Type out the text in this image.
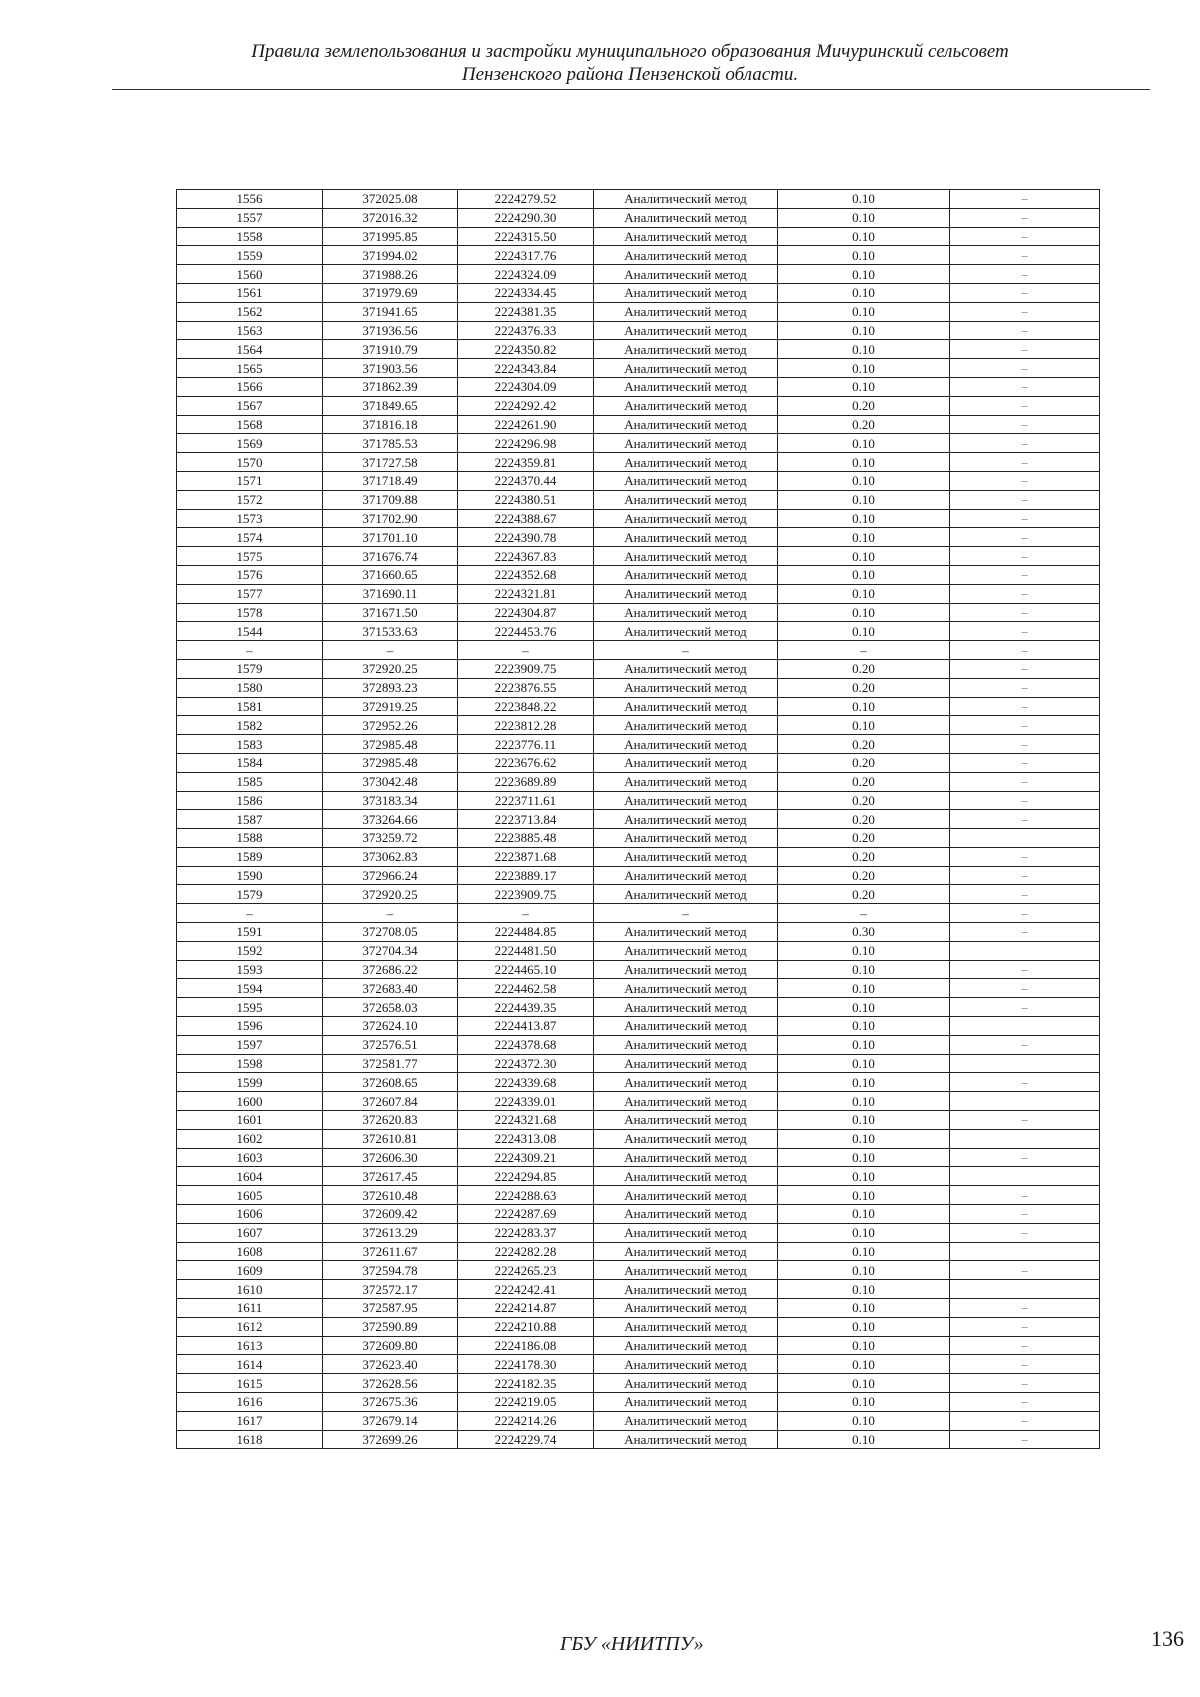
Правила землепользования и застройки муниципального образования Мичуринский сельсовет
Пензенского района Пензенской области.
1556	372025.08	2224279.52	Аналитический метод	0.10	–
1557	372016.32	2224290.30	Аналитический метод	0.10	–
1558	371995.85	2224315.50	Аналитический метод	0.10	–
1559	371994.02	2224317.76	Аналитический метод	0.10	–
1560	371988.26	2224324.09	Аналитический метод	0.10	–
1561	371979.69	2224334.45	Аналитический метод	0.10	–
1562	371941.65	2224381.35	Аналитический метод	0.10	–
1563	371936.56	2224376.33	Аналитический метод	0.10	–
1564	371910.79	2224350.82	Аналитический метод	0.10	–
1565	371903.56	2224343.84	Аналитический метод	0.10	–
1566	371862.39	2224304.09	Аналитический метод	0.10	–
1567	371849.65	2224292.42	Аналитический метод	0.20	–
1568	371816.18	2224261.90	Аналитический метод	0.20	–
1569	371785.53	2224296.98	Аналитический метод	0.10	–
1570	371727.58	2224359.81	Аналитический метод	0.10	–
1571	371718.49	2224370.44	Аналитический метод	0.10	–
1572	371709.88	2224380.51	Аналитический метод	0.10	–
1573	371702.90	2224388.67	Аналитический метод	0.10	–
1574	371701.10	2224390.78	Аналитический метод	0.10	–
1575	371676.74	2224367.83	Аналитический метод	0.10	–
1576	371660.65	2224352.68	Аналитический метод	0.10	–
1577	371690.11	2224321.81	Аналитический метод	0.10	–
1578	371671.50	2224304.87	Аналитический метод	0.10	–
1544	371533.63	2224453.76	Аналитический метод	0.10	–
–	–	–	–	–	–
1579	372920.25	2223909.75	Аналитический метод	0.20	–
1580	372893.23	2223876.55	Аналитический метод	0.20	–
1581	372919.25	2223848.22	Аналитический метод	0.10	–
1582	372952.26	2223812.28	Аналитический метод	0.10	–
1583	372985.48	2223776.11	Аналитический метод	0.20	–
1584	372985.48	2223676.62	Аналитический метод	0.20	–
1585	373042.48	2223689.89	Аналитический метод	0.20	–
1586	373183.34	2223711.61	Аналитический метод	0.20	–
1587	373264.66	2223713.84	Аналитический метод	0.20	–
1588	373259.72	2223885.48	Аналитический метод	0.20	
1589	373062.83	2223871.68	Аналитический метод	0.20	–
1590	372966.24	2223889.17	Аналитический метод	0.20	–
1579	372920.25	2223909.75	Аналитический метод	0.20	–
–	–	–	–	–	–
1591	372708.05	2224484.85	Аналитический метод	0.30	–
1592	372704.34	2224481.50	Аналитический метод	0.10	
1593	372686.22	2224465.10	Аналитический метод	0.10	–
1594	372683.40	2224462.58	Аналитический метод	0.10	–
1595	372658.03	2224439.35	Аналитический метод	0.10	–
1596	372624.10	2224413.87	Аналитический метод	0.10	
1597	372576.51	2224378.68	Аналитический метод	0.10	–
1598	372581.77	2224372.30	Аналитический метод	0.10	
1599	372608.65	2224339.68	Аналитический метод	0.10	–
1600	372607.84	2224339.01	Аналитический метод	0.10	
1601	372620.83	2224321.68	Аналитический метод	0.10	–
1602	372610.81	2224313.08	Аналитический метод	0.10	
1603	372606.30	2224309.21	Аналитический метод	0.10	–
1604	372617.45	2224294.85	Аналитический метод	0.10	
1605	372610.48	2224288.63	Аналитический метод	0.10	–
1606	372609.42	2224287.69	Аналитический метод	0.10	–
1607	372613.29	2224283.37	Аналитический метод	0.10	–
1608	372611.67	2224282.28	Аналитический метод	0.10	
1609	372594.78	2224265.23	Аналитический метод	0.10	–
1610	372572.17	2224242.41	Аналитический метод	0.10	
1611	372587.95	2224214.87	Аналитический метод	0.10	–
1612	372590.89	2224210.88	Аналитический метод	0.10	–
1613	372609.80	2224186.08	Аналитический метод	0.10	–
1614	372623.40	2224178.30	Аналитический метод	0.10	–
1615	372628.56	2224182.35	Аналитический метод	0.10	–
1616	372675.36	2224219.05	Аналитический метод	0.10	–
1617	372679.14	2224214.26	Аналитический метод	0.10	–
1618	372699.26	2224229.74	Аналитический метод	0.10	–
ГБУ «НИИТПУ»	136
